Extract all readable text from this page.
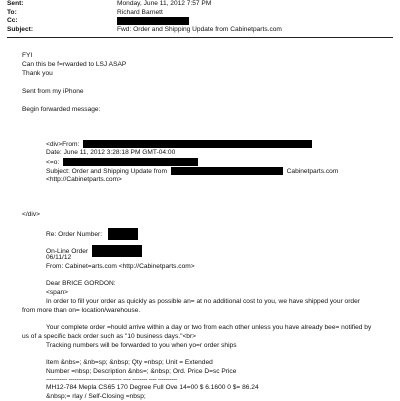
Sent:	Monday, June 11, 2012 7:57 PM
To:	Richard Barnett
Cc:
Subject:	Fwd: Order and Shipping Update from Cabinetparts.com
FYI
Can this be f=rwarded to LSJ ASAP
Thank you
Sent from my iPhone
Begin forwarded message:
<div>From:
Date: June 11, 2012 3:28:18 PM GMT-04:00
<=o:
Subject: Order and Shipping Update from	Cabinetparts.com
<http://Cabinetparts.com>
</div>
Re: Order Number:
On-Line Order
06/11/12
From: Cabinet=arts.com <http://Cabinetparts.com>
Dear BRICE GORDON:
<span>
In order to fill your order as quickly as possible an= at no additional cost to you, we have shipped your order
from more than on= location/warehouse.
Your complete order =hould arrive within a day or two from each other unless you have already bee= notified by
us of a specific back order such as "10 business days."<br>
Tracking numbers will be forwarded to you when yo=r order ships
Item &nbs=; &nb=sp; &nbsp; Qty =nbsp; Unit = Extended
Number =nbsp; Description &nbs=; &nbsp; Ord. Price D=sc Price
----------- ---------------------------- ---- -------- ---- ----------
MH12-784 Mepla CS65 170 Degree Full Ove 14=00 $ 6.1600 0 $= 86.24
&nbsp;= rlay / Self-Closing =nbsp;
